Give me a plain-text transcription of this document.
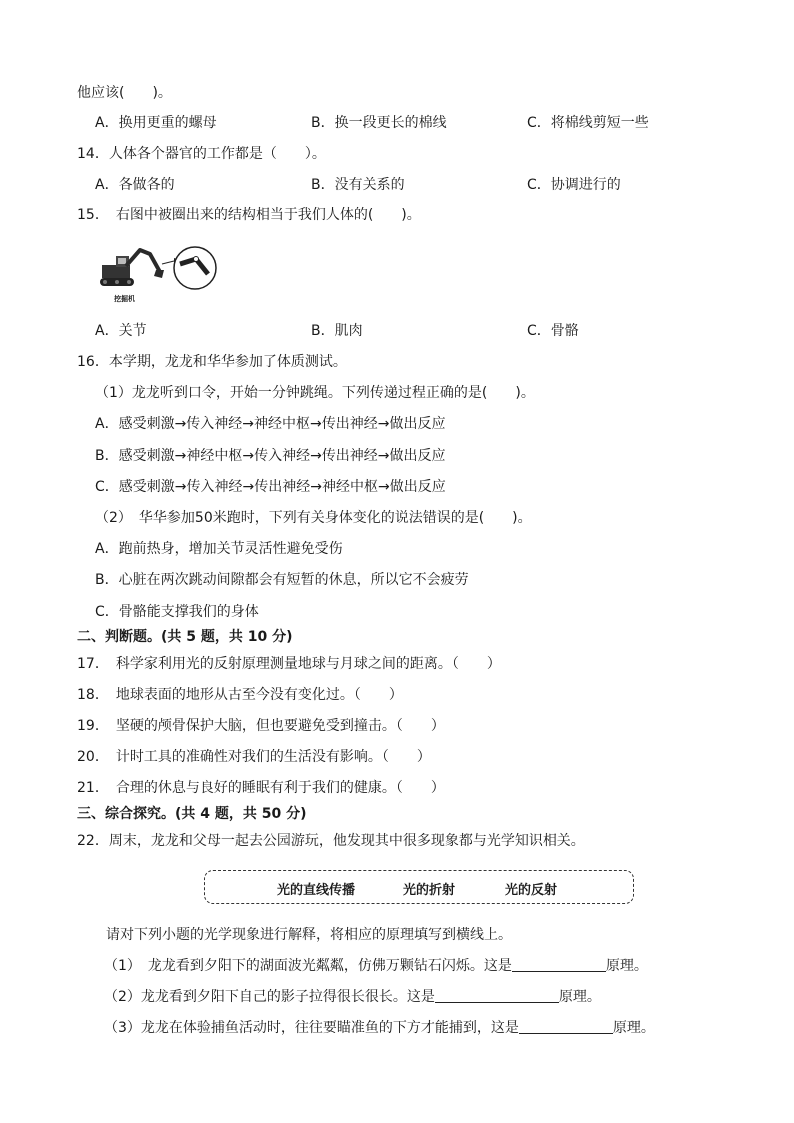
他应该(　　)。
A．换用更重的螺母	B．换一段更长的棉线	C．将棉线剪短一些
14．人体各个器官的工作都是（　　）。
A．各做各的	B．没有关系的	C．协调进行的
15．　右图中被圈出来的结构相当于我们人体的(　　)。
挖掘机
A．关节	B．肌肉	C．骨骼
16．本学期，龙龙和华华参加了体质测试。
（1）龙龙听到口令，开始一分钟跳绳。下列传递过程正确的是(　　)。
A．感受刺激→传入神经→神经中枢→传出神经→做出反应
B．感受刺激→神经中枢→传入神经→传出神经→做出反应
C．感受刺激→传入神经→传出神经→神经中枢→做出反应
（2）　华华参加50米跑时，下列有关身体变化的说法错误的是(　　)。
A．跑前热身，增加关节灵活性避免受伤
B．心脏在两次跳动间隙都会有短暂的休息，所以它不会疲劳
C．骨骼能支撑我们的身体
二、判断题。(共 5 题，共 10 分)
17．　科学家利用光的反射原理测量地球与月球之间的距离。（　　）
18．　地球表面的地形从古至今没有变化过。（　　）
19．　坚硬的颅骨保护大脑，但也要避免受到撞击。（　　）
20．　计时工具的准确性对我们的生活没有影响。（　　）
21．　合理的休息与良好的睡眠有利于我们的健康。（　　）
三、综合探究。(共 4 题，共 50 分)
22．周末，龙龙和父母一起去公园游玩，他发现其中很多现象都与光学知识相关。
光的直线传播	光的折射	光的反射
请对下列小题的光学现象进行解释，将相应的原理填写到横线上。
（1）　龙龙看到夕阳下的湖面波光粼粼，仿佛万颗钻石闪烁。这是	原理。
（2）龙龙看到夕阳下自己的影子拉得很长很长。这是	原理。
（3）龙龙在体验捕鱼活动时，往往要瞄准鱼的下方才能捕到，这是	原理。
